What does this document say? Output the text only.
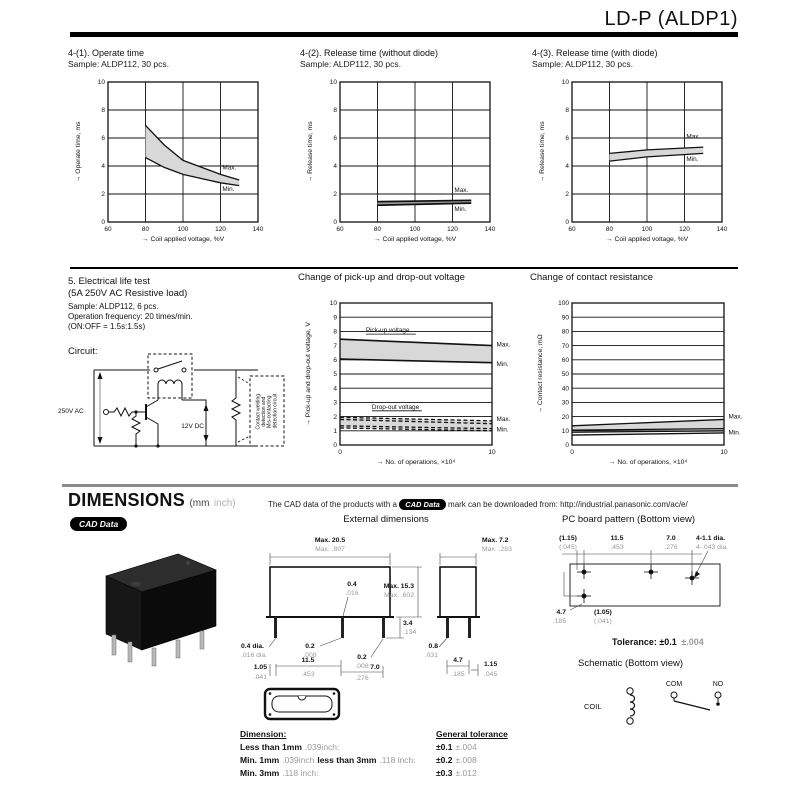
LD-P (ALDP1)
4-(1). Operate time
Sample: ALDP112, 30 pcs.
60	80	100	120	140
0
2
4
6
8
10
→ Coil applied voltage, %V
→ Operate time, ms	Max.
Min.
4-(2). Release time (without diode)
Sample: ALDP112, 30 pcs.
60	80	100	120	140
0
2
4
6
8
10
→ Coil applied voltage, %V
→ Release time, ms
Max.
Min.
4-(3). Release time (with diode)
Sample: ALDP112, 30 pcs.
60	80	100	120	140
0
2
4
6
8
10
→ Coil applied voltage, %V
→ Release time, ms	Max.
Min.
5. Electrical life test
(5A 250V AC Resistive load)
Sample: ALDP112, 6 pcs.
Operation frequency: 20 times/min.
(ON:OFF = 1.5s:1.5s)
Circuit:
250V AC
12V DC	Contact welding detection and Mis-contacting detection circuit
Change of pick-up and drop-out voltage
0	10
0
1
2
3
4
5
6
7
8
9
10
→ No. of operations, ×10⁴
→ Pick-up and drop-out voltage, V	Pick-up voltage
Max.
Min.
Drop-out voltage
Max.
Min.
Change of contact resistance
0	10
0
10
20
30
40
50
60
70
80
90
100
→ No. of operations, ×10⁴
→ Contact resistance, mΩ
Max.
Min.
DIMENSIONS (mm inch)	The CAD data of the products with a CAD Data mark can be downloaded from: http://industrial.panasonic.com/ac/e/
CAD Data	External dimensions	PC board pattern (Bottom view)
Max. 20.5
Max. .807
Max. 15.3
Max. .602
0.4
.016
3.4
.134
0.4 dia.
.016 dia.
0.2
.008	0.2
.008
1.05
.041
11.5
.453
.276
7.0
Max. 7.2
Max. .283
0.8
.031
4.7
.185
1.15
.045
Dimension:	General tolerance
Less than 1mm .039inch:	±0.1 ±.004
Min. 1mm .039inch less than 3mm .118 inch:	±0.2 ±.008
Min. 3mm .118 inch:	±0.3 ±.012
(1.15)
(.045)
11.5
.453
7.0
.276
4-1.1 dia.
4-.043 dia.
4.7
.185
(1.05)
(.041)
Tolerance: ±0.1 ±.004
Schematic (Bottom view)
COIL
COM	NO
